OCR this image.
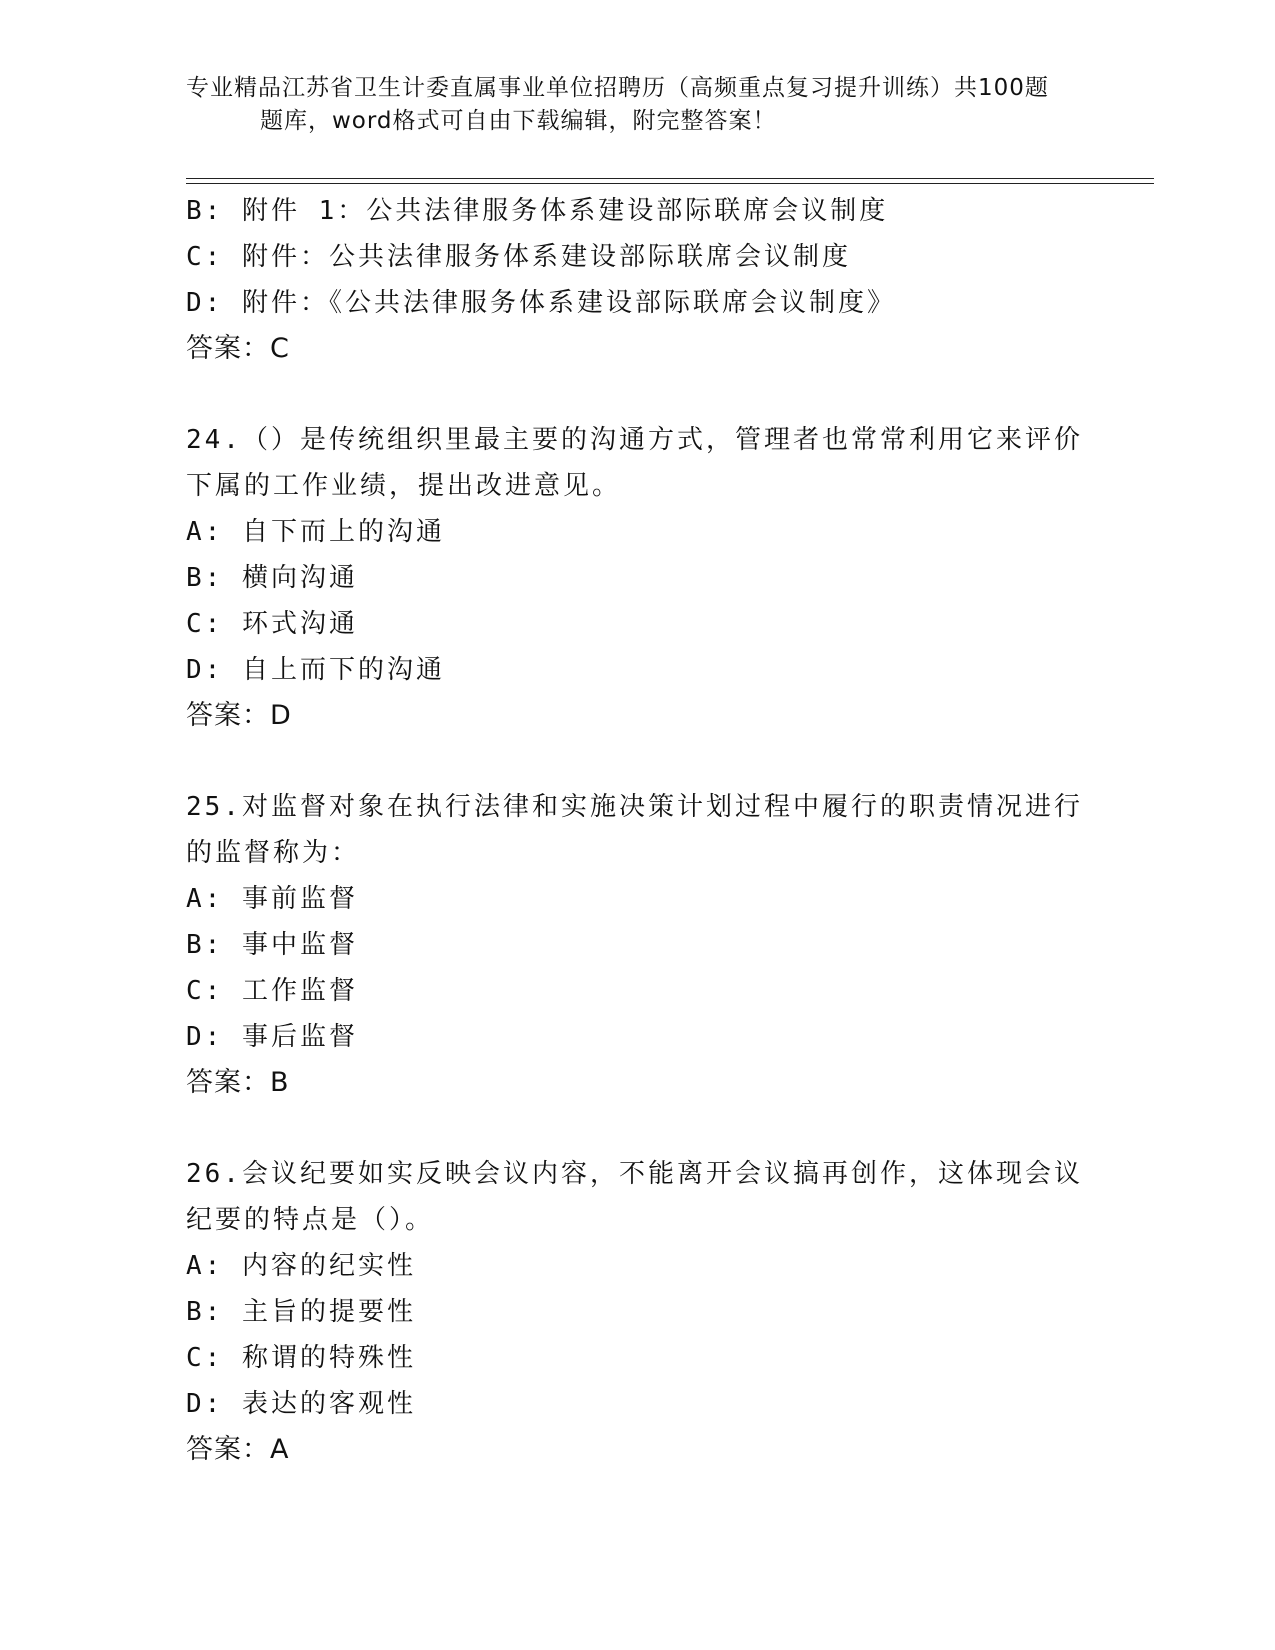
专业精品江苏省卫生计委直属事业单位招聘历（高频重点复习提升训练）共100题
题库，word格式可自由下载编辑，附完整答案！
B: 附件 1：公共法律服务体系建设部际联席会议制度
C: 附件：公共法律服务体系建设部际联席会议制度
D: 附件：《公共法律服务体系建设部际联席会议制度》
答案：C
24.（）是传统组织里最主要的沟通方式，管理者也常常利用它来评价
下属的工作业绩，提出改进意见。
A: 自下而上的沟通
B: 横向沟通
C: 环式沟通
D: 自上而下的沟通
答案：D
25.对监督对象在执行法律和实施决策计划过程中履行的职责情况进行
的监督称为：
A: 事前监督
B: 事中监督
C: 工作监督
D: 事后监督
答案：B
26.会议纪要如实反映会议内容，不能离开会议搞再创作，这体现会议
纪要的特点是（）。
A: 内容的纪实性
B: 主旨的提要性
C: 称谓的特殊性
D: 表达的客观性
答案：A
